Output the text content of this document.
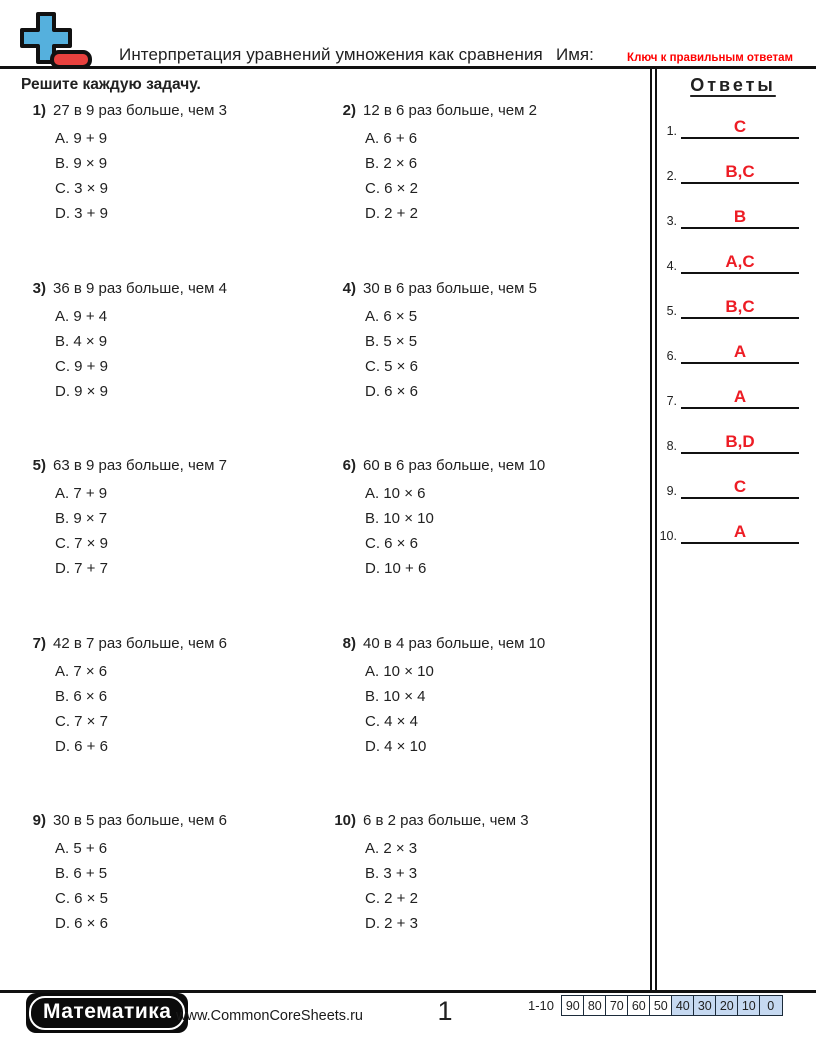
Интерпретация уравнений умножения как сравнения Имя:	Ключ к правильным ответам
Решите каждую задачу.
1) 27 в 9 раз больше, чем 3
A. 9 + 9
B. 9 × 9
C. 3 × 9
D. 3 + 9
2) 12 в 6 раз больше, чем 2
A. 6 + 6
B. 2 × 6
C. 6 × 2
D. 2 + 2
3) 36 в 9 раз больше, чем 4
A. 9 + 4
B. 4 × 9
C. 9 + 9
D. 9 × 9
4) 30 в 6 раз больше, чем 5
A. 6 × 5
B. 5 × 5
C. 5 × 6
D. 6 × 6
5) 63 в 9 раз больше, чем 7
A. 7 + 9
B. 9 × 7
C. 7 × 9
D. 7 + 7
6) 60 в 6 раз больше, чем 10
A. 10 × 6
B. 10 × 10
C. 6 × 6
D. 10 + 6
7) 42 в 7 раз больше, чем 6
A. 7 × 6
B. 6 × 6
C. 7 × 7
D. 6 + 6
8) 40 в 4 раз больше, чем 10
A. 10 × 10
B. 10 × 4
C. 4 × 4
D. 4 × 10
9) 30 в 5 раз больше, чем 6
A. 5 + 6
B. 6 + 5
C. 6 × 5
D. 6 × 6
10) 6 в 2 раз больше, чем 3
A. 2 × 3
B. 3 + 3
C. 2 + 2
D. 2 + 3
Ответы
1.	C
2.	B,C
3.	B
4.	A,C
5.	B,C
6.	A
7.	A
8.	B,D
9.	C
10.	A
Математика www.CommonCoreSheets.ru	1	1-10 90 80 70 60 50 40 30 20 10 0
